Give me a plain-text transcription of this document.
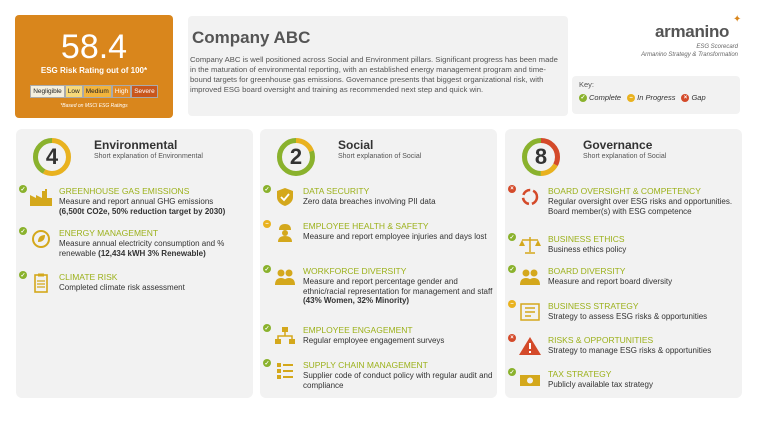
58.4
ESG Risk Rating out of 100*
Negligible Low Medium High Severe
*Based on MSCI ESG Ratings
Company ABC
Company ABC is well positioned across Social and Environment pillars. Significant progress has been made in the maturation of environmental reporting, with an established energy management program and time-bound targets for greenhouse gas emissions. Governance presents that biggest organizational risk, with improved ESG board oversight and training as recommended next step and quick win.
armanino
✦
ESG Scorecard
Armanino Strategy & Transformation
Key:
✓ Complete	– In Progress	× Gap
4	Environmental
Short explanation of Environmental
✓	GREENHOUSE GAS EMISSIONS
Measure and report annual GHG emissions
(6,500t CO2e, 50% reduction target by 2030)
✓	ENERGY MANAGEMENT
Measure annual electricity consumption and % renewable (12,434 kWH 3% Renewable)
✓	CLIMATE RISK
Completed climate risk assessment
2	Social
Short explanation of Social
✓	DATA SECURITY
Zero data breaches involving PII data
–	EMPLOYEE HEALTH & SAFETY
Measure and report employee injuries and days lost
✓	WORKFORCE DIVERSITY
Measure and report percentage gender and ethnic/racial representation for management and staff (43% Women, 32% Minority)
✓	EMPLOYEE ENGAGEMENT
Regular employee engagement surveys
✓	SUPPLY CHAIN MANAGEMENT
Supplier code of conduct policy with regular audit and compliance
8	Governance
Short explanation of Social
×	BOARD OVERSIGHT & COMPETENCY
Regular oversight over ESG risks and opportunities. Board member(s) with ESG competence
✓	BUSINESS ETHICS
Business ethics policy
✓	BOARD DIVERSITY
Measure and report board diversity
–	BUSINESS STRATEGY
Strategy to assess ESG risks & opportunities
×	RISKS & OPPORTUNITIES
Strategy to manage ESG risks & opportunities
✓	TAX STRATEGY
Publicly available tax strategy
